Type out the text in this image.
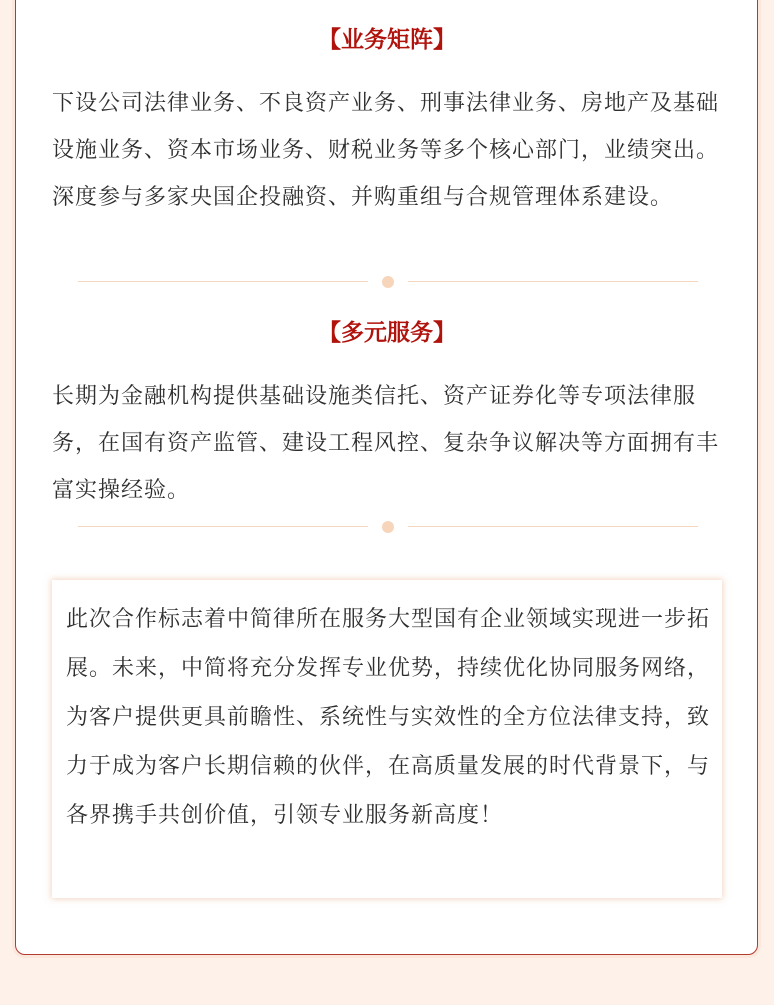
【业务矩阵】

下设公司法律业务、不良资产业务、刑事法律业务、房地产及基础设施业务、资本市场业务、财税业务等多个核心部门，业绩突出。深度参与多家央国企投融资、并购重组与合规管理体系建设。

【多元服务】

长期为金融机构提供基础设施类信托、资产证券化等专项法律服务，在国有资产监管、建设工程风控、复杂争议解决等方面拥有丰富实操经验。

此次合作标志着中简律所在服务大型国有企业领域实现进一步拓展。未来，中简将充分发挥专业优势，持续优化协同服务网络，为客户提供更具前瞻性、系统性与实效性的全方位法律支持，致力于成为客户长期信赖的伙伴，在高质量发展的时代背景下，与各界携手共创价值，引领专业服务新高度！
